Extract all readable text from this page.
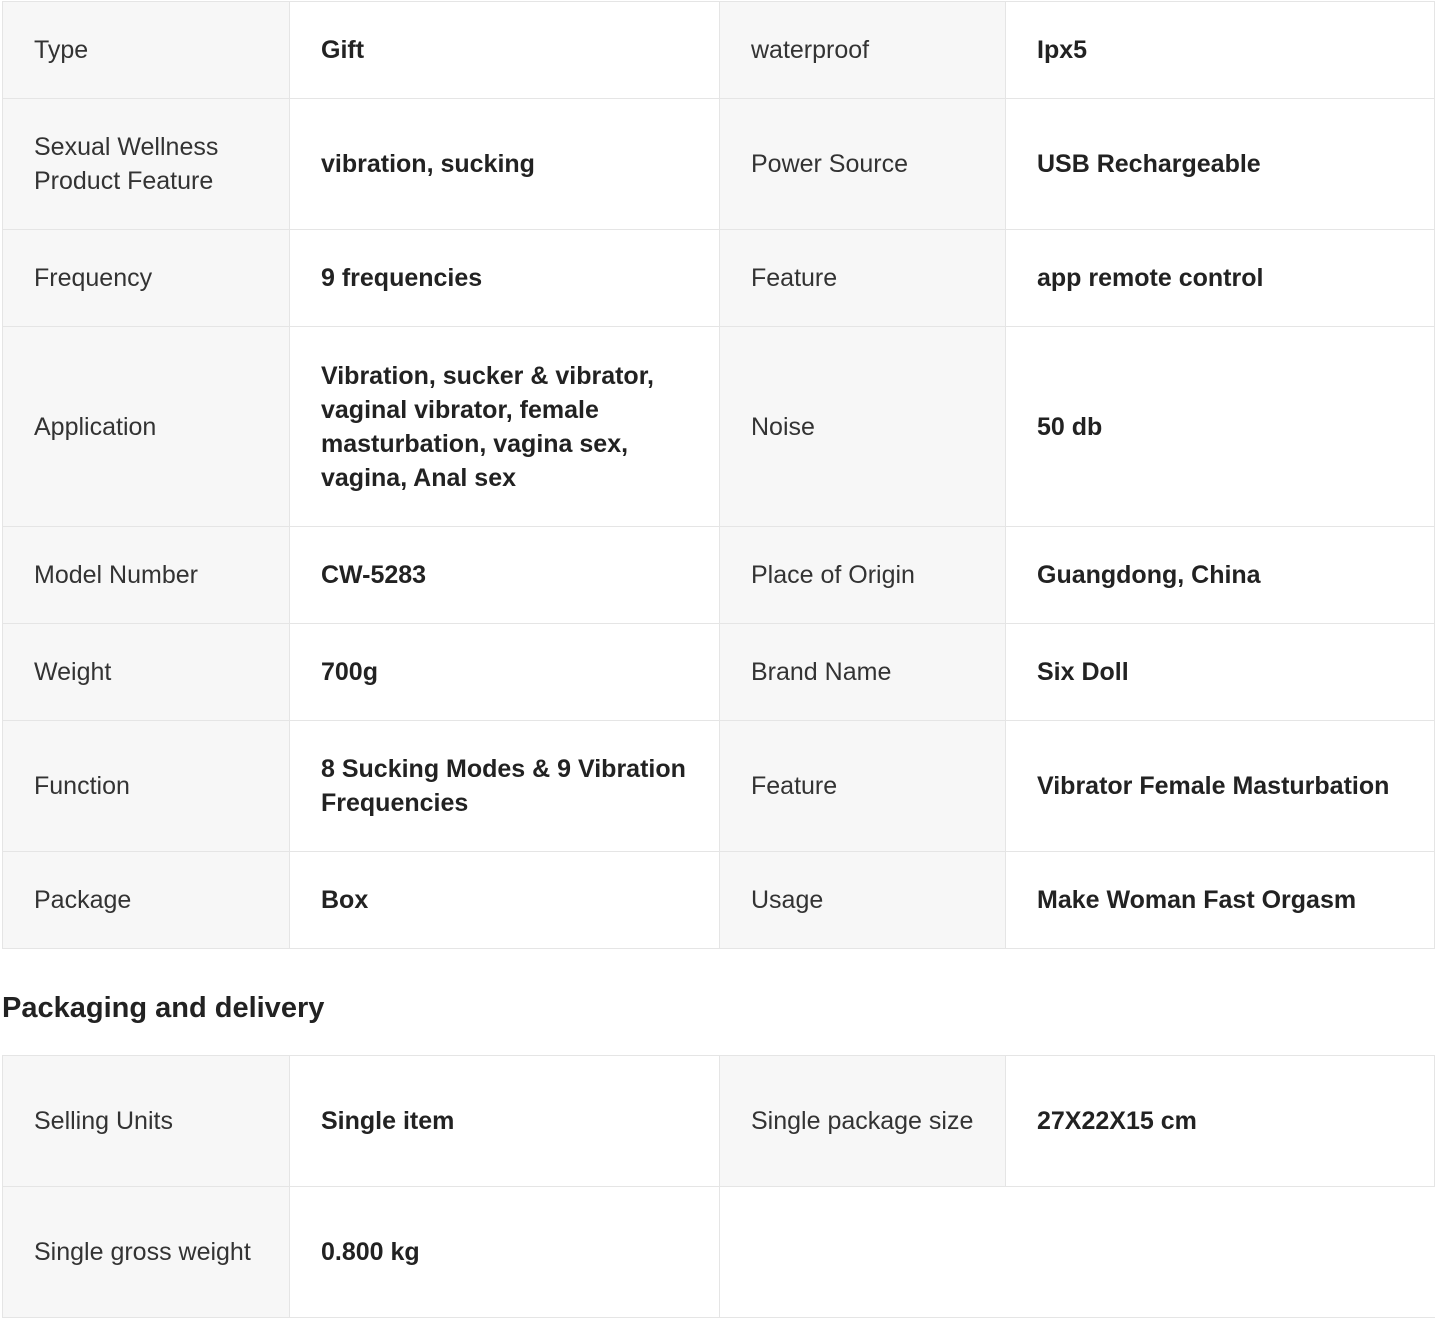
Type	Gift	waterproof	Ipx5
Sexual Wellness Product Feature	vibration, sucking	Power Source	USB Rechargeable
Frequency	9 frequencies	Feature	app remote control
Application	Vibration, sucker & vibrator, vaginal vibrator, female masturbation, vagina sex, vagina, Anal sex	Noise	50 db
Model Number	CW-5283	Place of Origin	Guangdong, China
Weight	700g	Brand Name	Six Doll
Function	8 Sucking Modes & 9 Vibration Frequencies	Feature	Vibrator Female Masturbation
Package	Box	Usage	Make Woman Fast Orgasm
Packaging and delivery
Selling Units	Single item	Single package size	27X22X15 cm
Single gross weight	0.800 kg		
